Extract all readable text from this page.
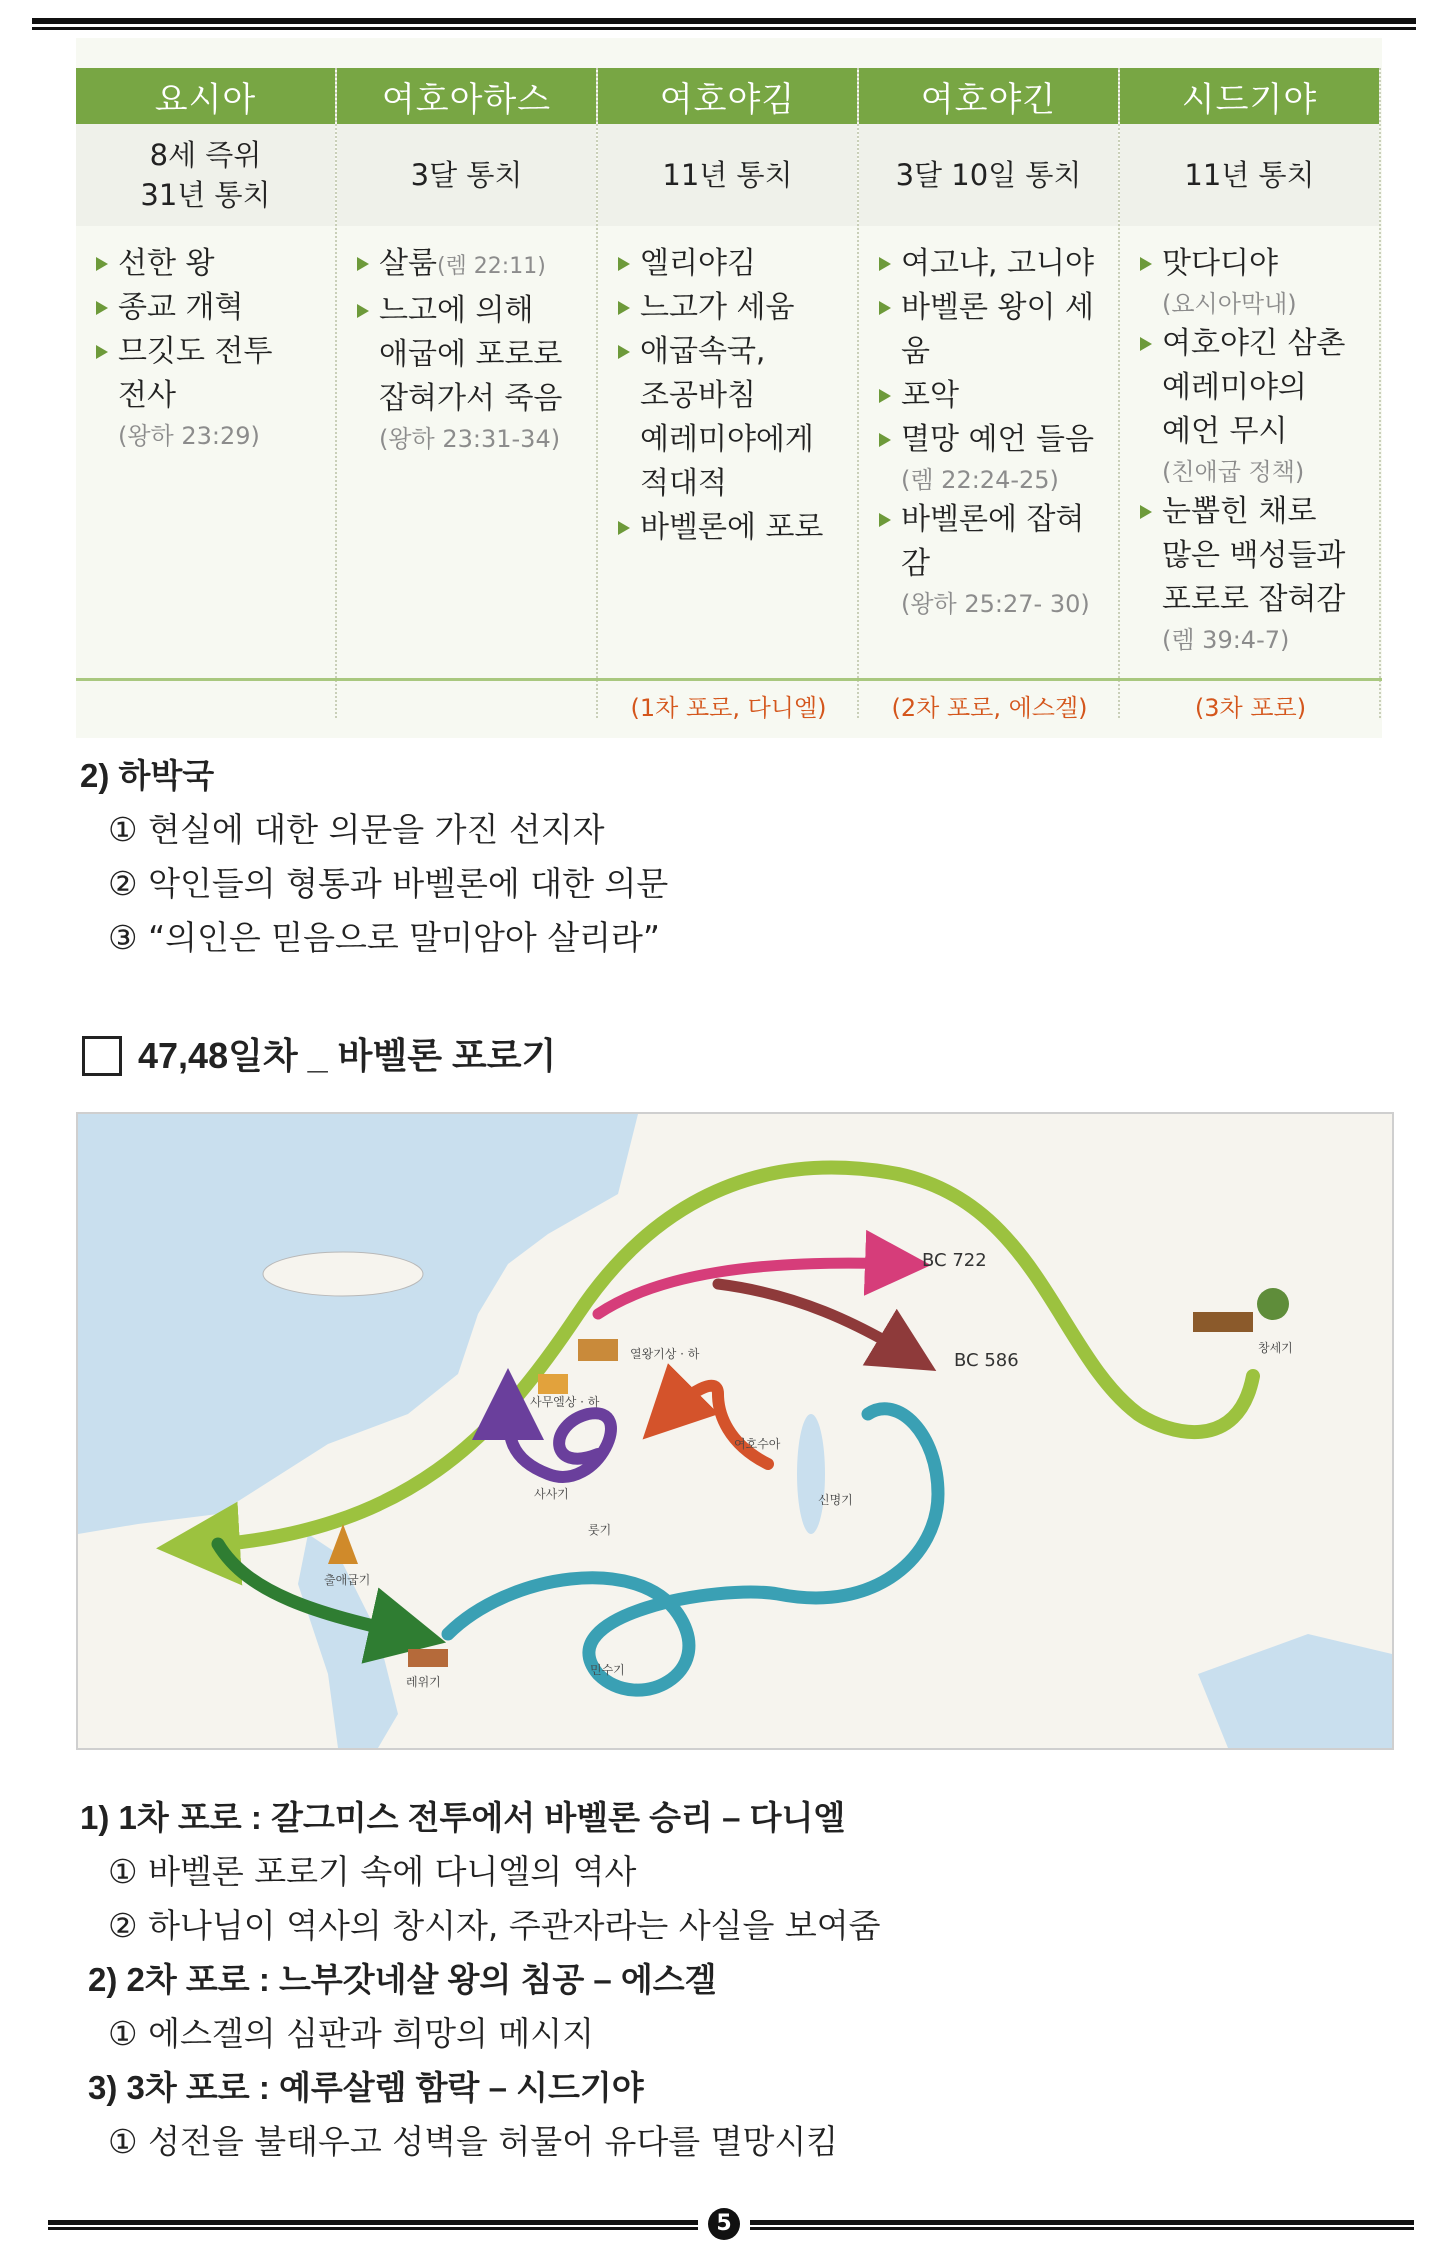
요시아
8세 즉위
31년 통치
선한 왕
종교 개혁
므깃도 전투
전사
(왕하 23:29)
여호아하스
3달 통치
살룸(렘 22:11)
느고에 의해
애굽에 포로로
잡혀가서 죽음
(왕하 23:31-34)
여호야김
11년 통치
엘리야김
느고가 세움
애굽속국,
조공바침
예레미야에게
적대적
바벨론에 포로
여호야긴
3달 10일 통치
여고냐, 고니야
바벨론 왕이 세움
포악
멸망 예언 들음
(렘 22:24-25)
바벨론에 잡혀감
(왕하 25:27- 30)
시드기야
11년 통치
맛다디야
(요시아막내)
여호야긴 삼촌
예레미야의
예언 무시
(친애굽 정책)
눈뽑힌 채로
많은 백성들과
포로로 잡혀감
(렘 39:4-7)
(1차 포로, 다니엘)	(2차 포로, 에스겔)	(3차 포로)
2) 하박국
① 현실에 대한 의문을 가진 선지자
② 악인들의 형통과 바벨론에 대한 의문
③ “의인은 믿음으로 말미암아 살리라”
47,48일차 _ 바벨론 포로기
BC 722
BC 586
열왕기상 · 하
사무엘상 · 하
여호수아
사사기
룻기
신명기
출애굽기
레위기
민수기
창세기
1) 1차 포로 : 갈그미스 전투에서 바벨론 승리 – 다니엘
① 바벨론 포로기 속에 다니엘의 역사
② 하나님이 역사의 창시자, 주관자라는 사실을 보여줌
2) 2차 포로 : 느부갓네살 왕의 침공 – 에스겔
① 에스겔의 심판과 희망의 메시지
3) 3차 포로 : 예루살렘 함락 – 시드기야
① 성전을 불태우고 성벽을 허물어 유다를 멸망시킴
5
